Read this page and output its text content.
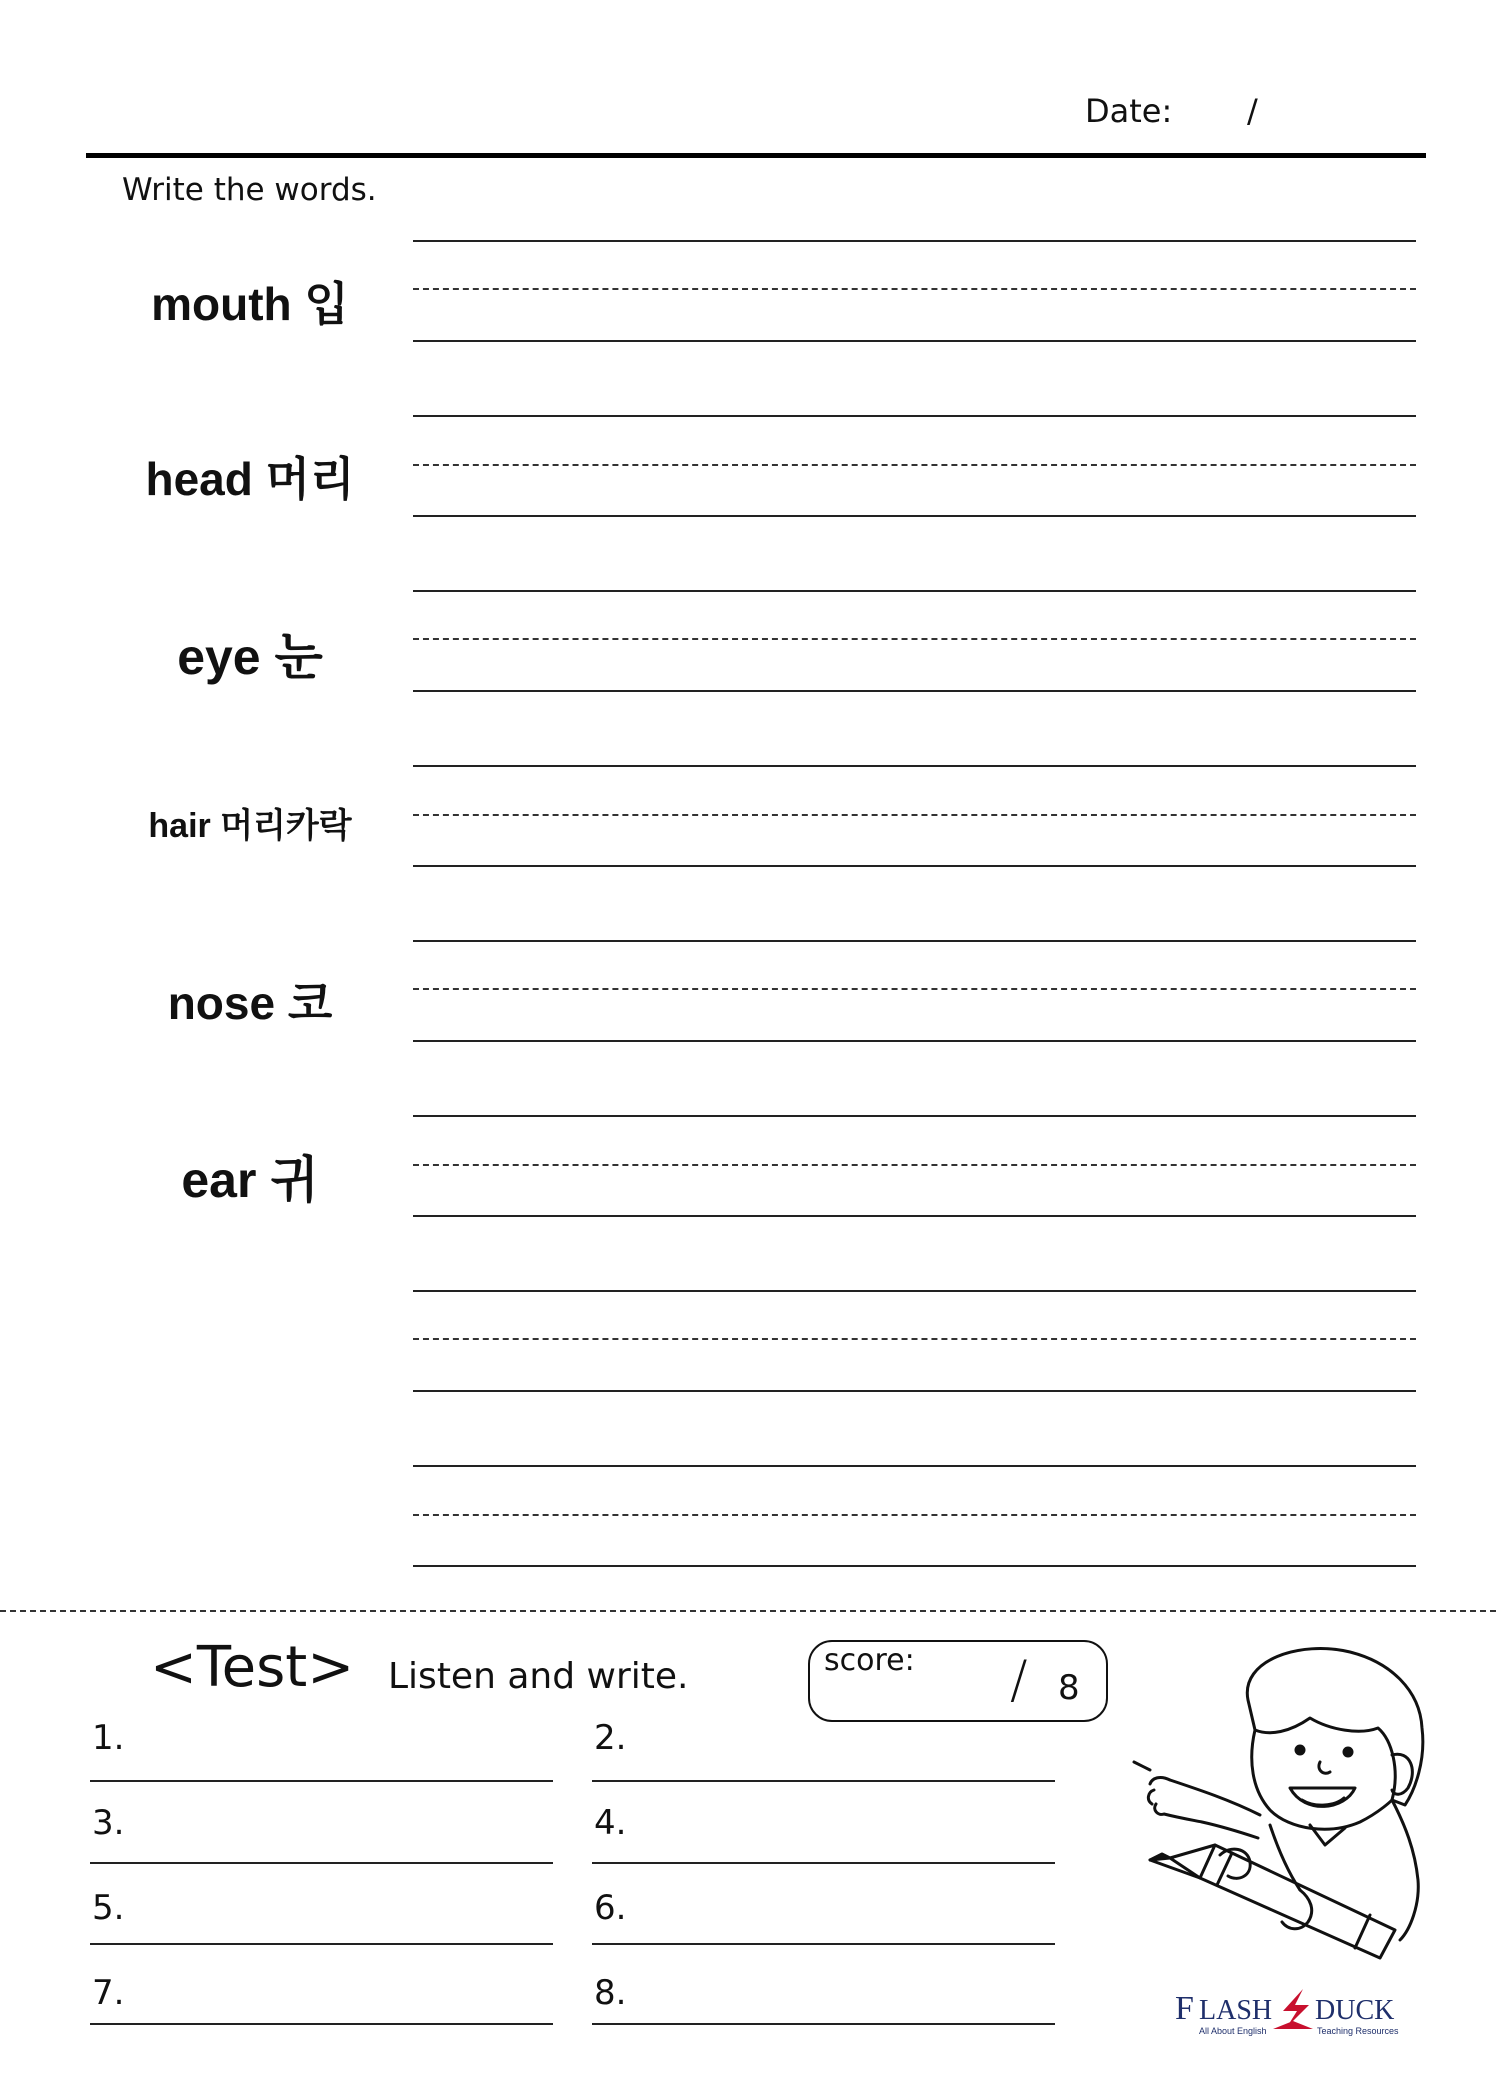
Date: /
Write the words.
mouth 입
head 머리
eye 눈
hair 머리카락
nose 코
ear 귀
<Test> Listen and write.	score: / 8
1.	2.
3.	4.
5.	6.
7.	8.	F LASH DUCK
All About English	Teaching Resources
